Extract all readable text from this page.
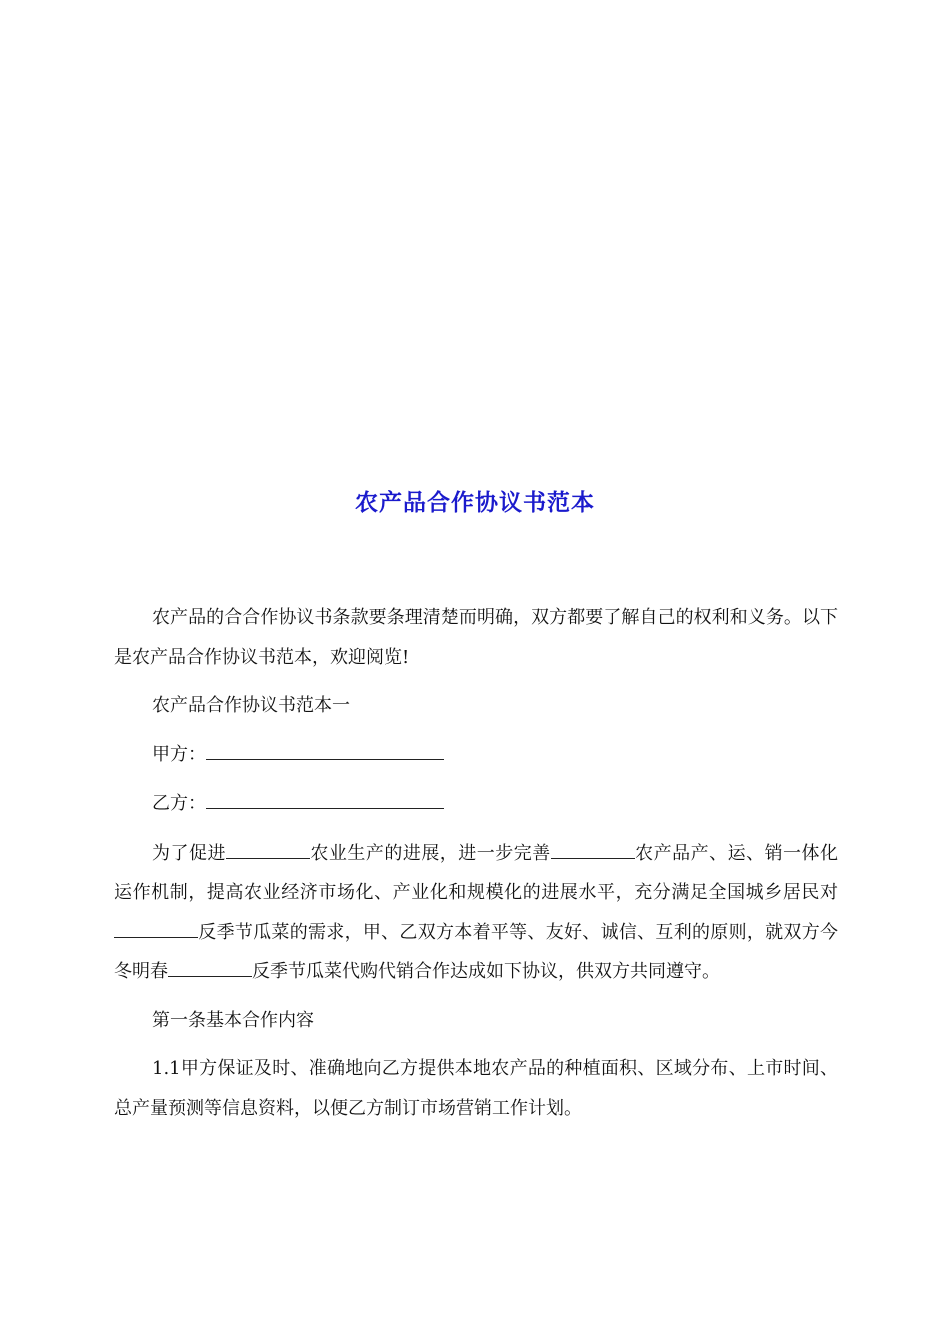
农产品合作协议书范本

农产品的合合作协议书条款要条理清楚而明确，双方都要了解自己的权利和义务。以下是农产品合作协议书范本，欢迎阅览!

农产品合作协议书范本一

甲方：

乙方：

为了促进	农业生产的进展，进一步完善	农产品产、运、销一体化运作机制，提高农业经济市场化、产业化和规模化的进展水平，充分满足全国城乡居民对反季节瓜菜的需求，甲、乙双方本着平等、友好、诚信、互利的原则，就双方今冬明春	反季节瓜菜代购代销合作达成如下协议，供双方共同遵守。

第一条基本合作内容

1.1甲方保证及时、准确地向乙方提供本地农产品的种植面积、区域分布、上市时间、总产量预测等信息资料，以便乙方制订市场营销工作计划。
